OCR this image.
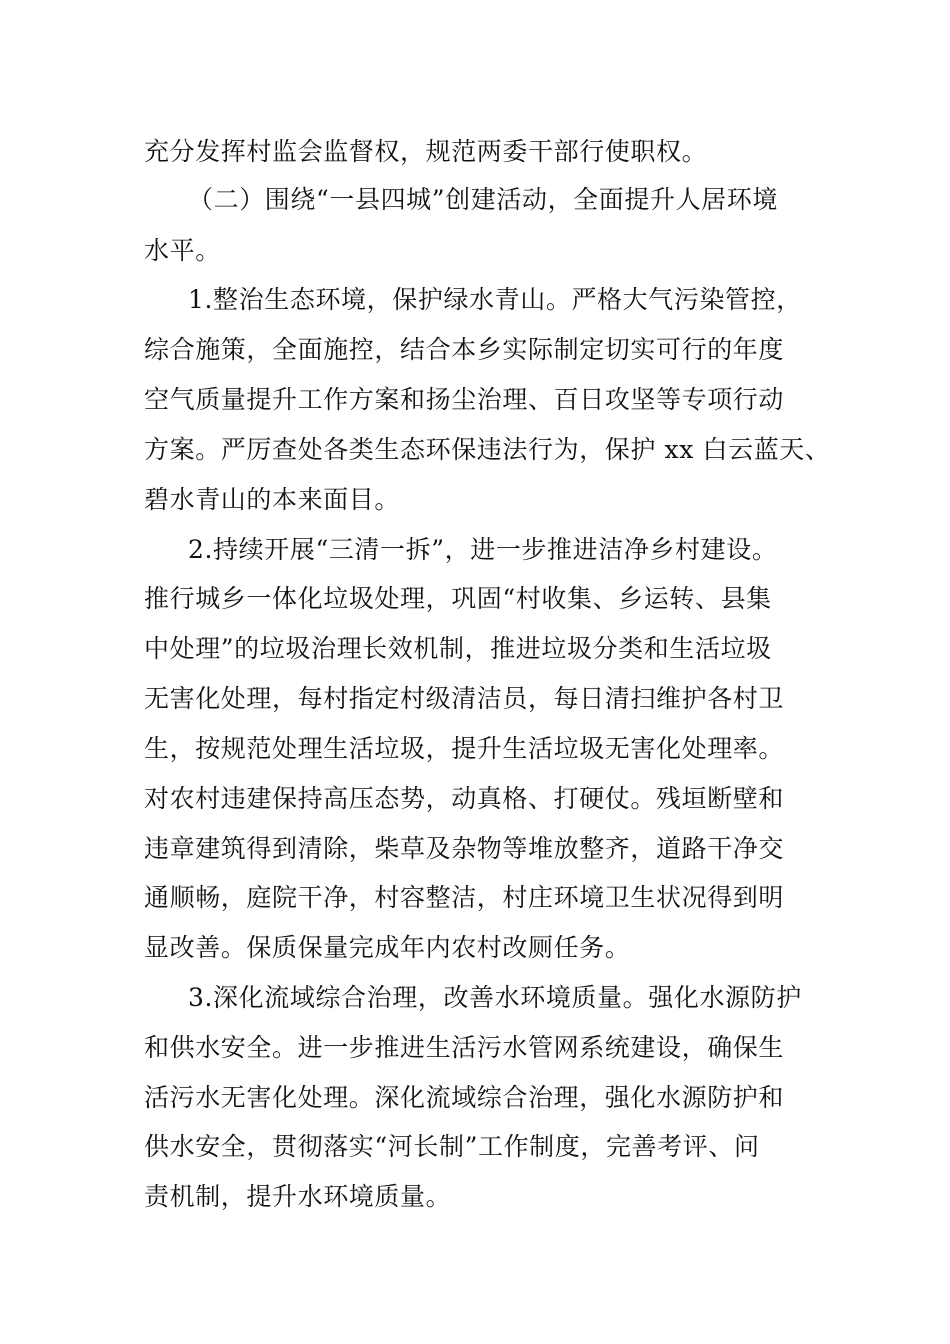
充分发挥村监会监督权，规范两委干部行使职权。

（二）围绕“一县四城”创建活动，全面提升人居环境

水平。

1.整治生态环境，保护绿水青山。严格大气污染管控，

综合施策，全面施控，结合本乡实际制定切实可行的年度

空气质量提升工作方案和扬尘治理、百日攻坚等专项行动

方案。严厉查处各类生态环保违法行为，保护 xx 白云蓝天、

碧水青山的本来面目。

2.持续开展“三清一拆”，进一步推进洁净乡村建设。

推行城乡一体化垃圾处理，巩固“村收集、乡运转、县集

中处理”的垃圾治理长效机制，推进垃圾分类和生活垃圾

无害化处理，每村指定村级清洁员，每日清扫维护各村卫

生，按规范处理生活垃圾，提升生活垃圾无害化处理率。

对农村违建保持高压态势，动真格、打硬仗。残垣断壁和

违章建筑得到清除，柴草及杂物等堆放整齐，道路干净交

通顺畅，庭院干净，村容整洁，村庄环境卫生状况得到明

显改善。保质保量完成年内农村改厕任务。

3.深化流域综合治理，改善水环境质量。强化水源防护

和供水安全。进一步推进生活污水管网系统建设，确保生

活污水无害化处理。深化流域综合治理，强化水源防护和

供水安全，贯彻落实“河长制”工作制度，完善考评、问

责机制，提升水环境质量。
